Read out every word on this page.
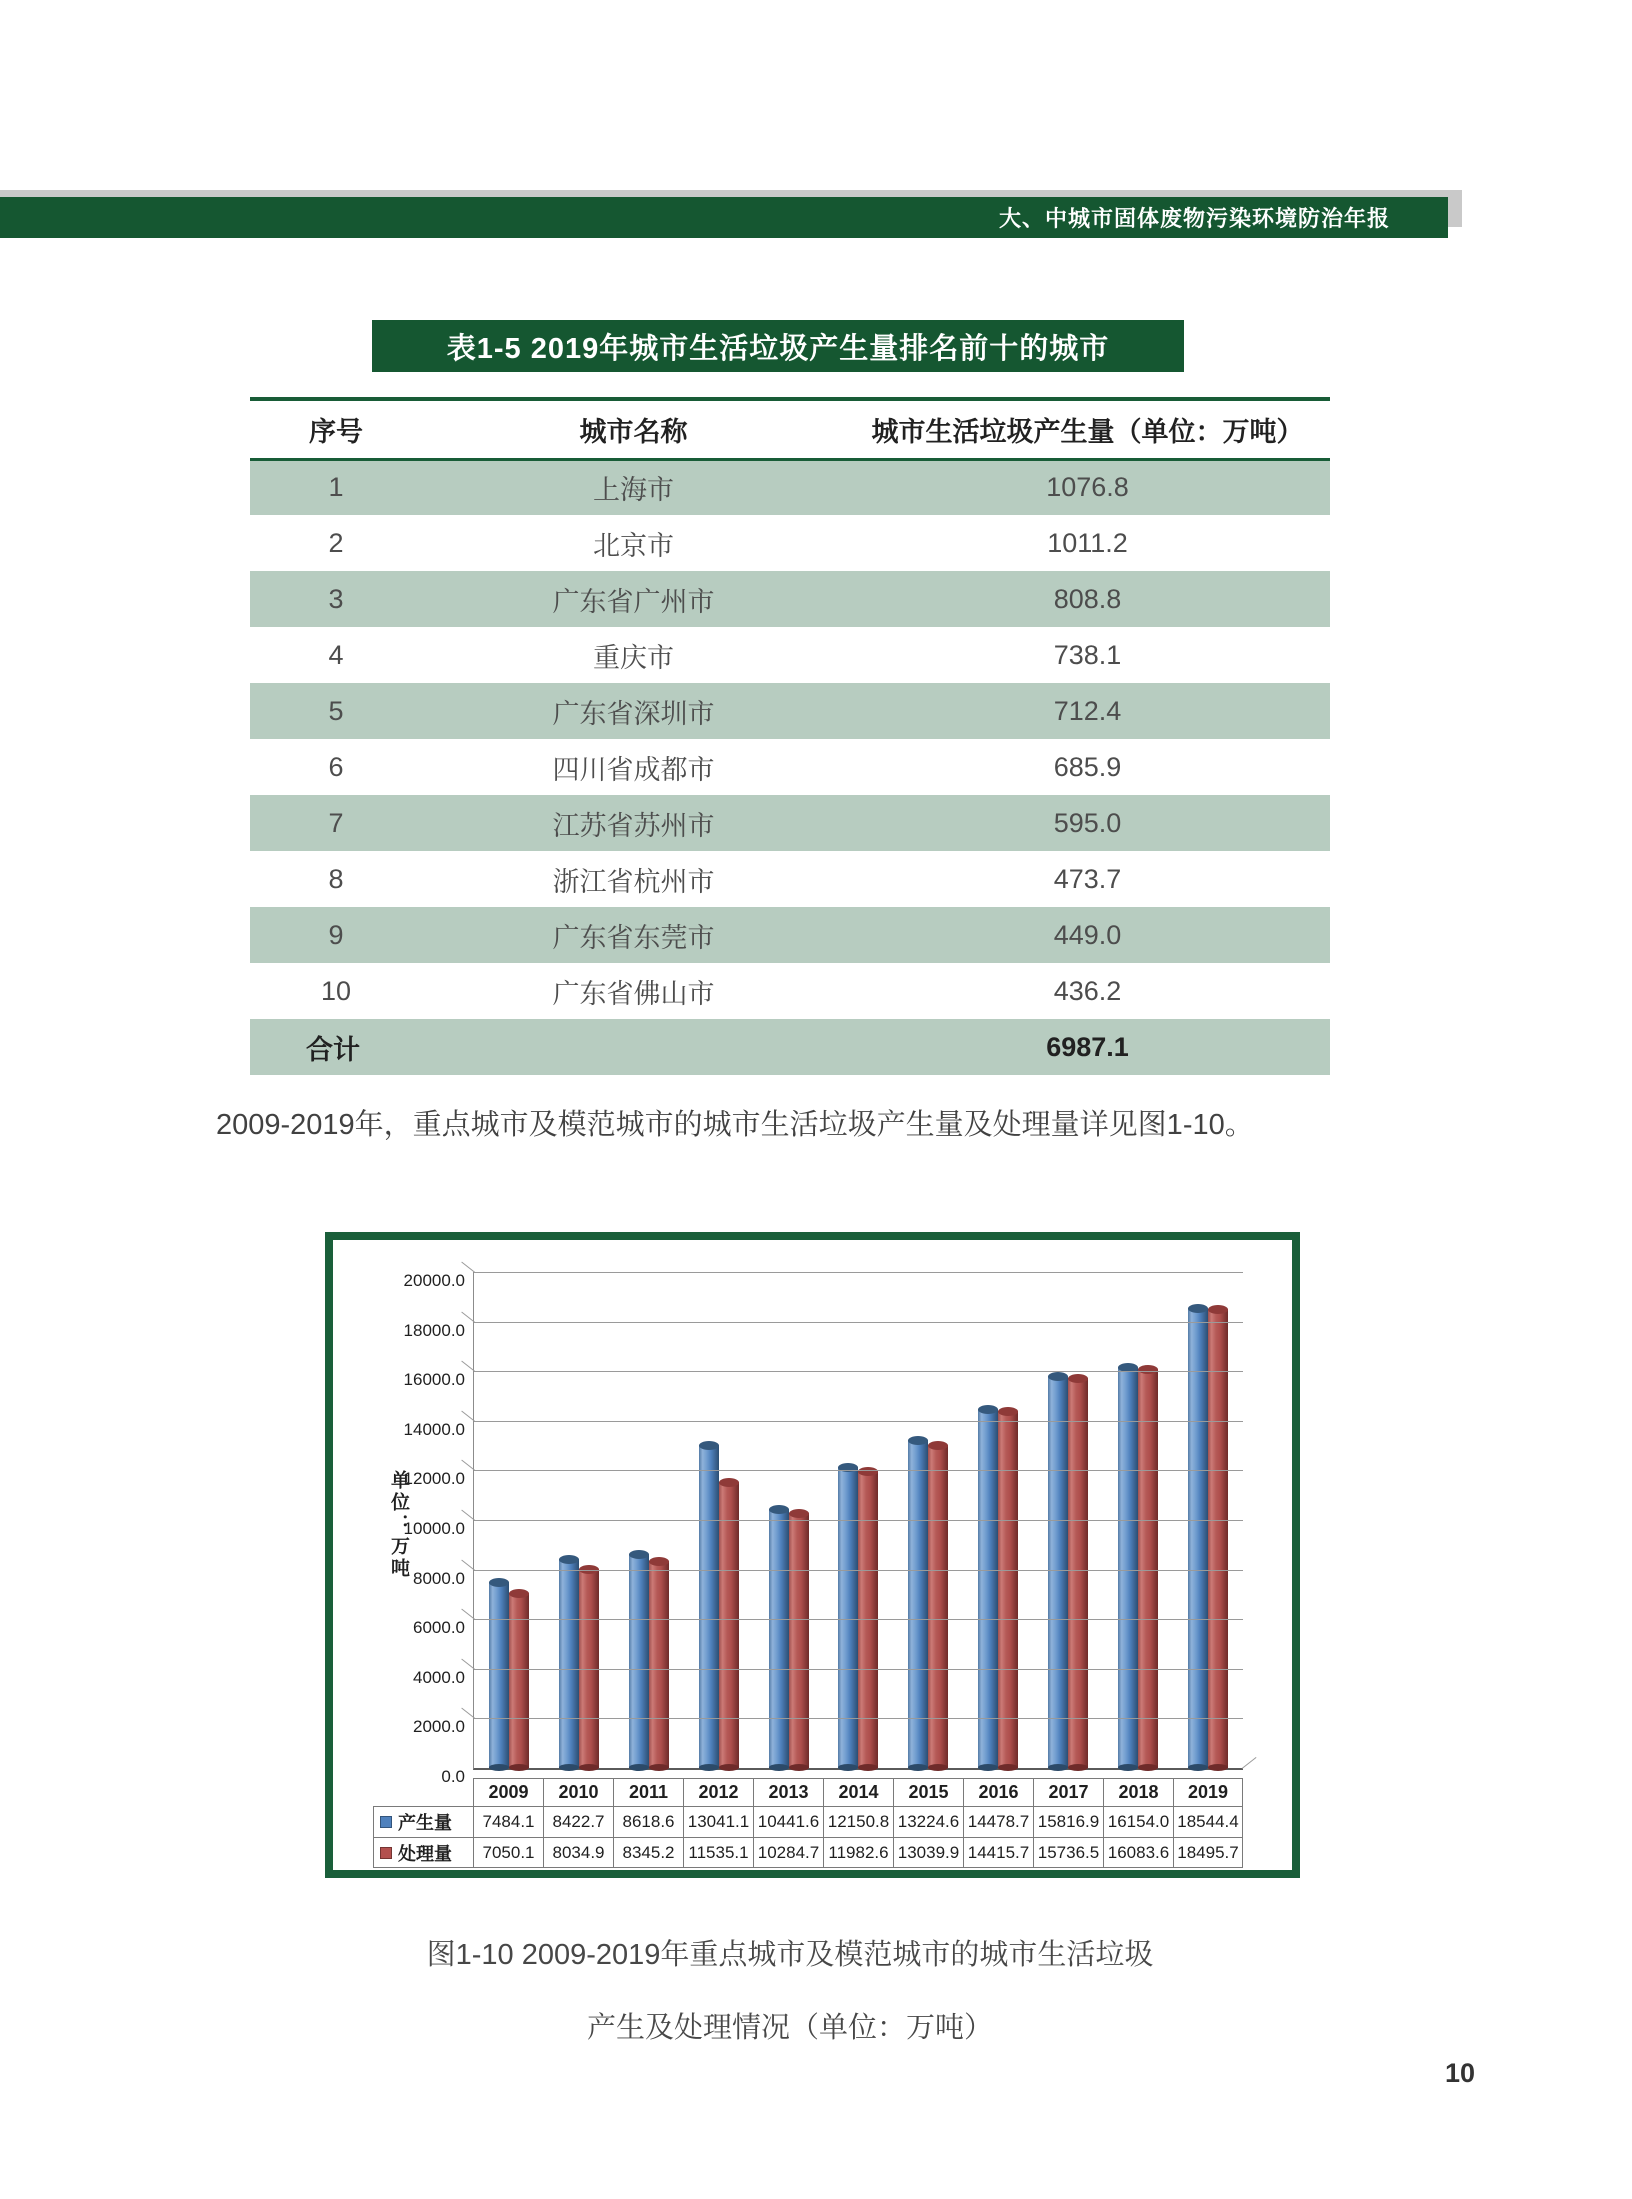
大、中城市固体废物污染环境防治年报
表1-5 2019年城市生活垃圾产生量排名前十的城市
序号	城市名称	城市生活垃圾产生量（单位：万吨）
1	上海市	1076.8
2	北京市	1011.2
3	广东省广州市	808.8
4	重庆市	738.1
5	广东省深圳市	712.4
6	四川省成都市	685.9
7	江苏省苏州市	595.0
8	浙江省杭州市	473.7
9	广东省东莞市	449.0
10	广东省佛山市	436.2
合计		6987.1

2009-2019年，重点城市及模范城市的城市生活垃圾产生量及处理量详见图1-10。

单位：万吨
0.0
2000.0
4000.0
6000.0
8000.0
10000.0
12000.0
14000.0
16000.0
18000.0
20000.0
2009	2010	2011	2012	2013	2014	2015	2016	2017	2018	2019
产生量	7484.1	8422.7	8618.6 13041.1 10441.6 12150.8 13224.6 14478.7 15816.9 16154.0 18544.4
处理量	7050.1	8034.9	8345.2 11535.1 10284.7 11982.6 13039.9 14415.7 15736.5 16083.6 18495.7
图1-10 2009-2019年重点城市及模范城市的城市生活垃圾
产生及处理情况（单位：万吨）
10
